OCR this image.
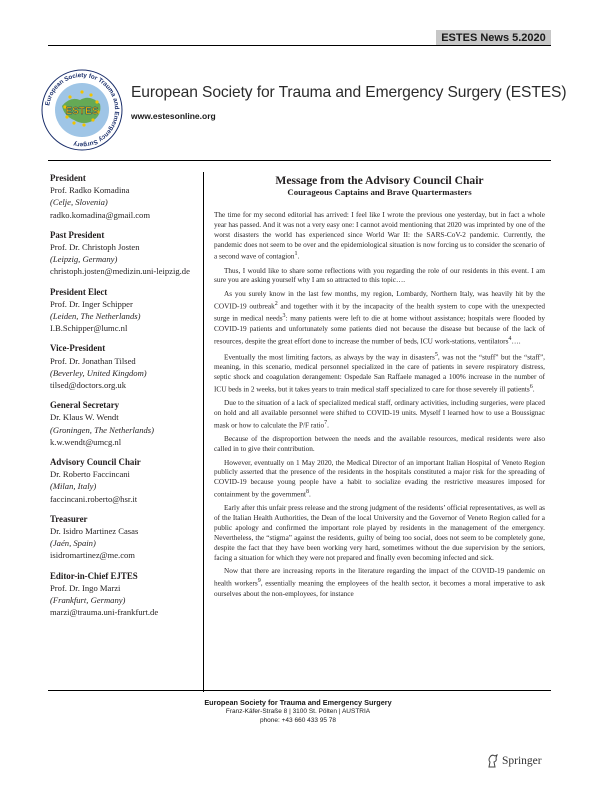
ESTES News 5.2020
ESTES
European Society for Trauma and Emergency Surgery
European Society for Trauma and Emergency Surgery (ESTES)
www.estesonline.org
President
Prof. Radko Komadina
(Celje, Slovenia)
radko.komadina@gmail.com
Past President
Prof. Dr. Christoph Josten
(Leipzig, Germany)
christoph.josten@medizin.uni-leipzig.de
President Elect
Prof. Dr. Inger Schipper
(Leiden, The Netherlands)
I.B.Schipper@lumc.nl
Vice-President
Prof. Dr. Jonathan Tilsed
(Beverley, United Kingdom)
tilsed@doctors.org.uk
General Secretary
Dr. Klaus W. Wendt
(Groningen, The Netherlands)
k.w.wendt@umcg.nl
Advisory Council Chair
Dr. Roberto Faccincani
(Milan, Italy)
faccincani.roberto@hsr.it
Treasurer
Dr. Isidro Martinez Casas
(Jaén, Spain)
isidromartinez@me.com
Editor-in-Chief EJTES
Prof. Dr. Ingo Marzi
(Frankfurt, Germany)
marzi@trauma.uni-frankfurt.de
Message from the Advisory Council Chair
Courageous Captains and Brave Quartermasters

The time for my second editorial has arrived: I feel like I wrote the previous one yesterday, but in fact a whole year has passed. And it was not a very easy one: I cannot avoid mentioning that 2020 was imprinted by one of the worst disasters the world has experienced since World War II: the SARS-CoV-2 pandemic. Currently, the pandemic does not seem to be over and the epidemiological situation is now forcing us to consider the scenario of a second wave of contagion$^1$.

Thus, I would like to share some reflections with you regarding the role of our residents in this event. I am sure you are asking yourself why I am so attracted to this topic….

As you surely know in the last few months, my region, Lombardy, Northern Italy, was heavily hit by the COVID-19 outbreak$^2$ and together with it by the incapacity of the health system to cope with the unexpected surge in medical needs$^3$: many patients were left to die at home without assistance; hospitals were flooded by COVID-19 patients and unfortunately some patients died not because the disease but because of the lack of resources, despite the great effort done to increase the number of beds, ICU work-stations, ventilators$^4$….

Eventually the most limiting factors, as always by the way in disasters$^5$, was not the “stuff” but the “staff”, meaning, in this scenario, medical personnel specialized in the care of patients in severe respiratory distress, septic shock and coagulation derangement: Ospedale San Raffaele managed a 100% increase in the number of ICU beds in 2 weeks, but it takes years to train medical staff specialized to care for those severely ill patients$^6$.

Due to the situation of a lack of specialized medical staff, ordinary activities, including surgeries, were placed on hold and all available personnel were shifted to COVID-19 units. Myself I learned how to use a Boussignac mask or how to calculate the P/F ratio$^7$.

Because of the disproportion between the needs and the available resources, medical residents were also called in to give their contribution.

However, eventually on 1 May 2020, the Medical Director of an important Italian Hospital of Veneto Region publicly asserted that the presence of the residents in the hospitals constituted a major risk for the spreading of COVID-19 because young people have a habit to socialize evading the restrictive measures imposed for containment by the government$^8$.

Early after this unfair press release and the strong judgment of the residents’ official representatives, as well as of the Italian Health Authorities, the Dean of the local University and the Governor of Veneto Region called for a public apology and confirmed the important role played by residents in the management of the emergency. Nevertheless, the “stigma” against the residents, guilty of being too social, does not seem to be completely gone, despite the fact that they have been working very hard, sometimes without the due supervision by the seniors, facing a situation for which they were not prepared and finally even becoming infected and sick.

Now that there are increasing reports in the literature regarding the impact of the COVID-19 pandemic on health workers$^9$, essentially meaning the employees of the health sector, it becomes a moral imperative to ask ourselves about the non-employees, for instance

European Society for Trauma and Emergency Surgery
Franz-Käfer-Straße 8 | 3100 St. Pölten | AUSTRIA
phone: +43 660 433 95 78
Springer
